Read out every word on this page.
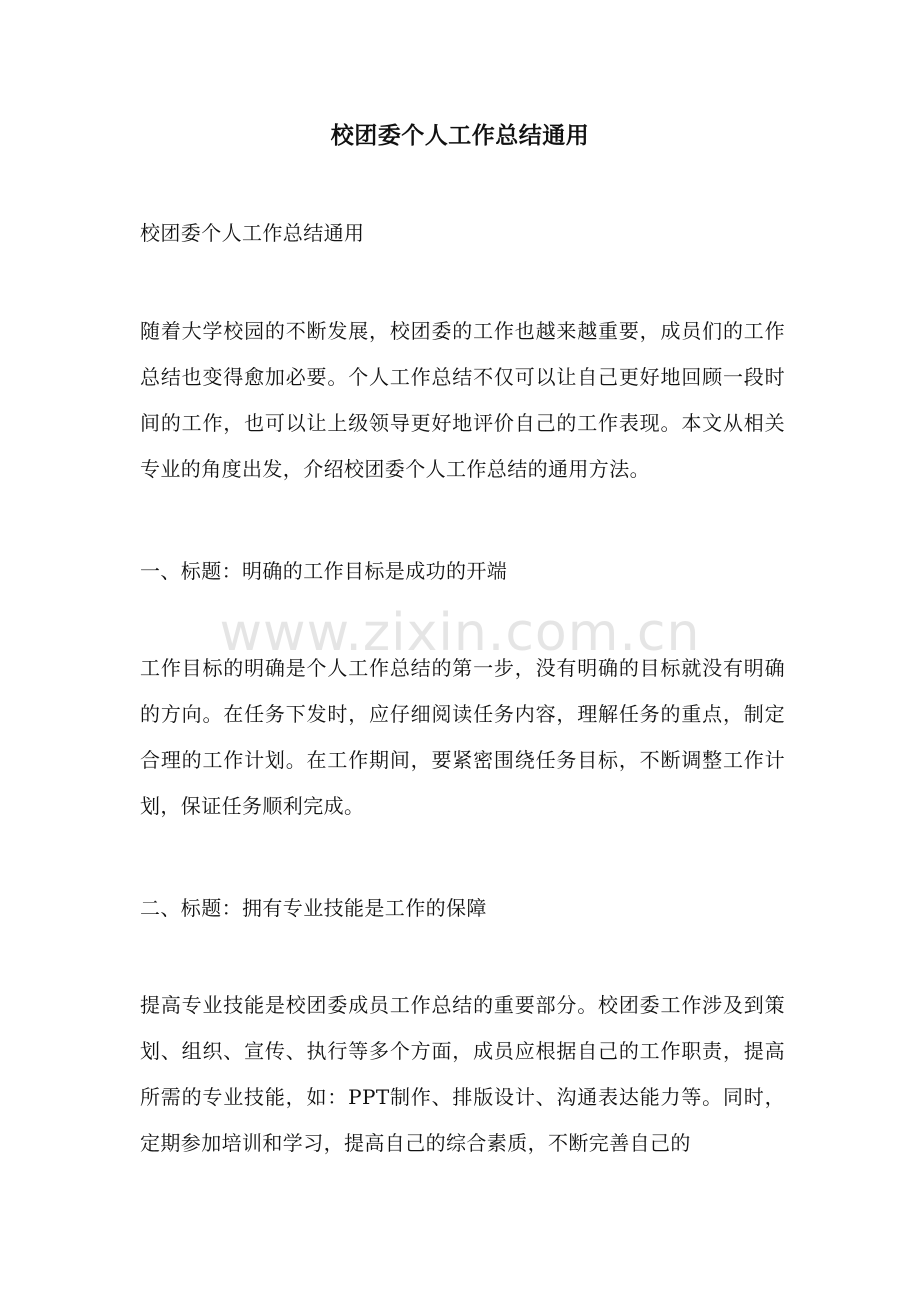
校团委个人工作总结通用

校团委个人工作总结通用

随着大学校园的不断发展，校团委的工作也越来越重要，成员们的工作总结也变得愈加必要。个人工作总结不仅可以让自己更好地回顾一段时间的工作，也可以让上级领导更好地评价自己的工作表现。本文从相关专业的角度出发，介绍校团委个人工作总结的通用方法。

一、标题：明确的工作目标是成功的开端

工作目标的明确是个人工作总结的第一步，没有明确的目标就没有明确的方向。在任务下发时，应仔细阅读任务内容，理解任务的重点，制定合理的工作计划。在工作期间，要紧密围绕任务目标，不断调整工作计划，保证任务顺利完成。

二、标题：拥有专业技能是工作的保障

提高专业技能是校团委成员工作总结的重要部分。校团委工作涉及到策划、组织、宣传、执行等多个方面，成员应根据自己的工作职责，提高所需的专业技能，如：PPT制作、排版设计、沟通表达能力等。同时，定期参加培训和学习，提高自己的综合素质，不断完善自己的

www.zixin.com.cn
